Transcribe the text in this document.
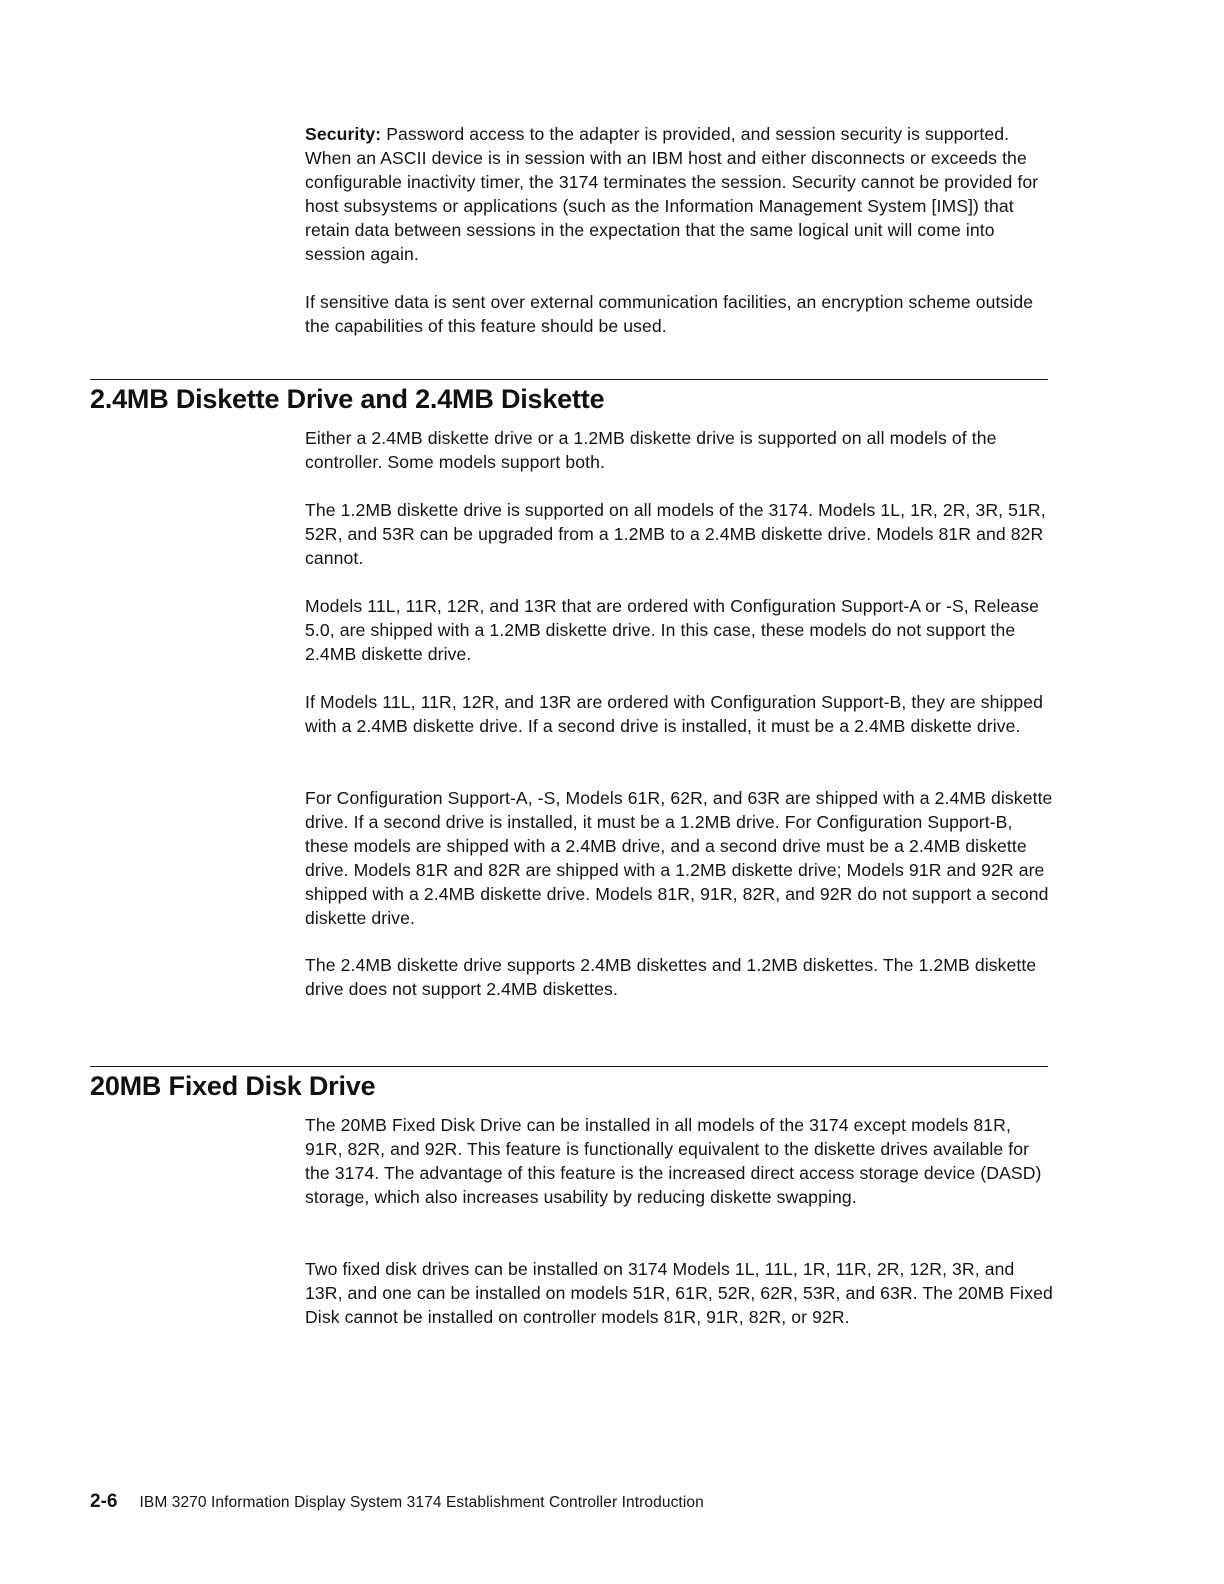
Security: Password access to the adapter is provided, and session security is supported. When an ASCII device is in session with an IBM host and either disconnects or exceeds the configurable inactivity timer, the 3174 terminates the session. Security cannot be provided for host subsystems or applications (such as the Information Management System [IMS]) that retain data between sessions in the expectation that the same logical unit will come into session again.

If sensitive data is sent over external communication facilities, an encryption scheme outside the capabilities of this feature should be used.

2.4MB Diskette Drive and 2.4MB Diskette

Either a 2.4MB diskette drive or a 1.2MB diskette drive is supported on all models of the controller. Some models support both.

The 1.2MB diskette drive is supported on all models of the 3174. Models 1L, 1R, 2R, 3R, 51R, 52R, and 53R can be upgraded from a 1.2MB to a 2.4MB diskette drive. Models 81R and 82R cannot.

Models 11L, 11R, 12R, and 13R that are ordered with Configuration Support-A or -S, Release 5.0, are shipped with a 1.2MB diskette drive. In this case, these models do not support the 2.4MB diskette drive.

If Models 11L, 11R, 12R, and 13R are ordered with Configuration Support-B, they are shipped with a 2.4MB diskette drive. If a second drive is installed, it must be a 2.4MB diskette drive.

For Configuration Support-A, -S, Models 61R, 62R, and 63R are shipped with a 2.4MB diskette drive. If a second drive is installed, it must be a 1.2MB drive. For Configuration Support-B, these models are shipped with a 2.4MB drive, and a second drive must be a 2.4MB diskette drive. Models 81R and 82R are shipped with a 1.2MB diskette drive; Models 91R and 92R are shipped with a 2.4MB diskette drive. Models 81R, 91R, 82R, and 92R do not support a second diskette drive.

The 2.4MB diskette drive supports 2.4MB diskettes and 1.2MB diskettes. The 1.2MB diskette drive does not support 2.4MB diskettes.

20MB Fixed Disk Drive

The 20MB Fixed Disk Drive can be installed in all models of the 3174 except models 81R, 91R, 82R, and 92R. This feature is functionally equivalent to the diskette drives available for the 3174. The advantage of this feature is the increased direct access storage device (DASD) storage, which also increases usability by reducing diskette swapping.

Two fixed disk drives can be installed on 3174 Models 1L, 11L, 1R, 11R, 2R, 12R, 3R, and 13R, and one can be installed on models 51R, 61R, 52R, 62R, 53R, and 63R. The 20MB Fixed Disk cannot be installed on controller models 81R, 91R, 82R, or 92R.

2-6 IBM 3270 Information Display System 3174 Establishment Controller Introduction
